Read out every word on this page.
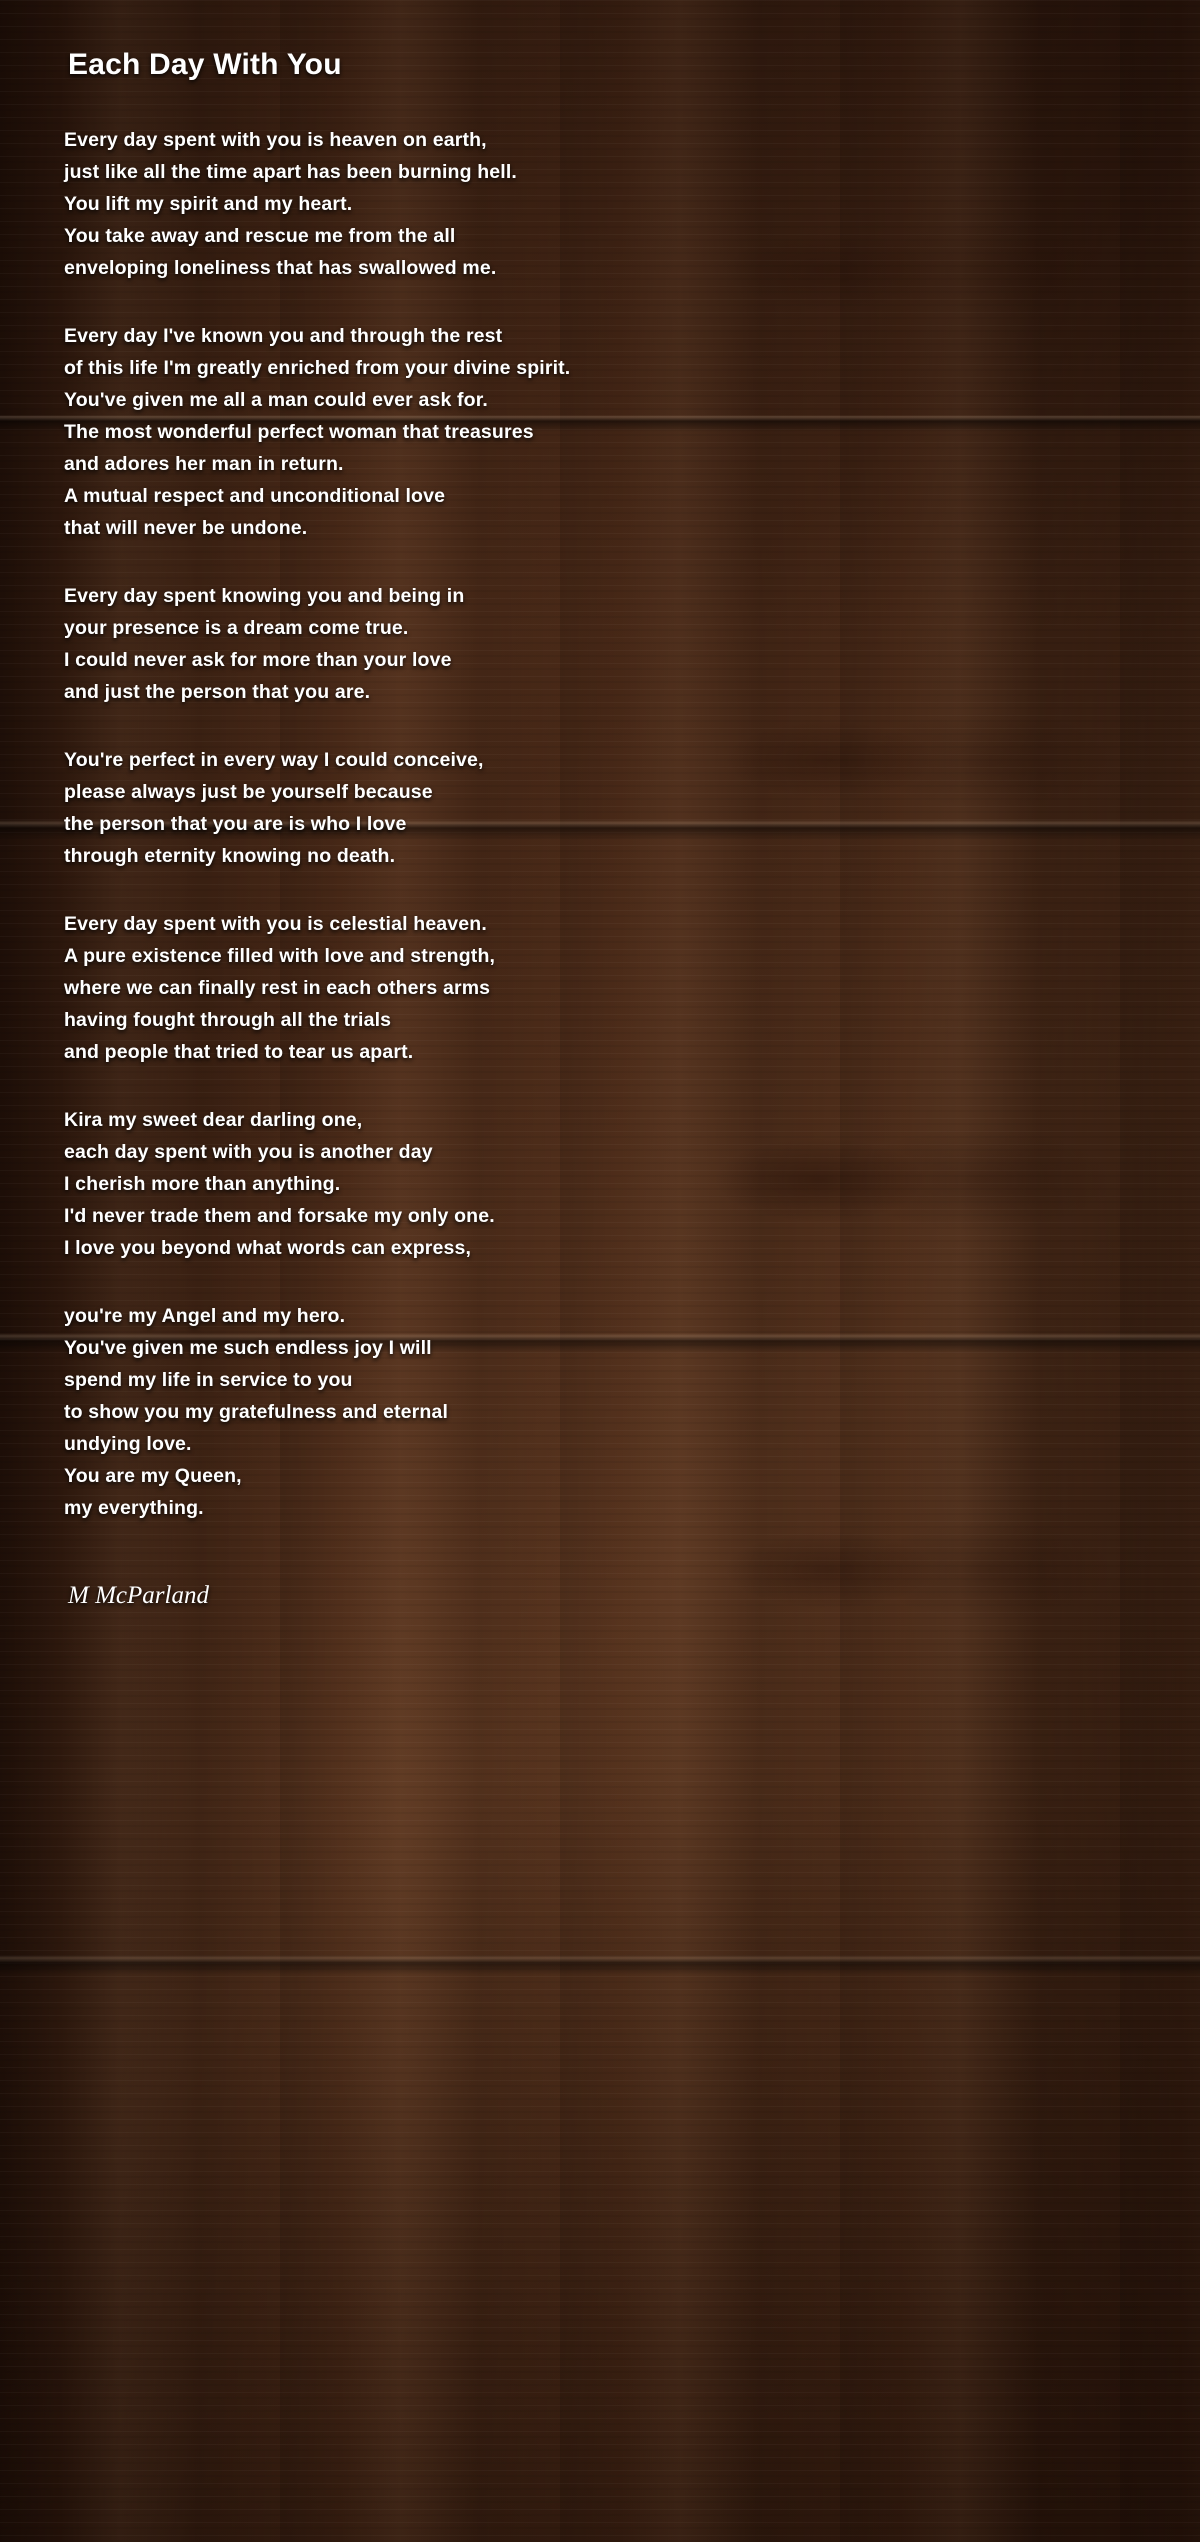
Each Day With You
Every day spent with you is heaven on earth,
just like all the time apart has been burning hell.
You lift my spirit and my heart.
You take away and rescue me from the all
enveloping loneliness that has swallowed me.
Every day I've known you and through the rest
of this life I'm greatly enriched from your divine spirit.
You've given me all a man could ever ask for.
The most wonderful perfect woman that treasures
and adores her man in return.
A mutual respect and unconditional love
that will never be undone.
Every day spent knowing you and being in
your presence is a dream come true.
I could never ask for more than your love
and just the person that you are.
You're perfect in every way I could conceive,
please always just be yourself because
the person that you are is who I love
through eternity knowing no death.
Every day spent with you is celestial heaven.
A pure existence filled with love and strength,
where we can finally rest in each others arms
having fought through all the trials
and people that tried to tear us apart.
Kira my sweet dear darling one,
each day spent with you is another day
I cherish more than anything.
I'd never trade them and forsake my only one.
I love you beyond what words can express,
you're my Angel and my hero.
You've given me such endless joy I will
spend my life in service to you
to show you my gratefulness and eternal
undying love.
You are my Queen,
my everything.
M McParland
